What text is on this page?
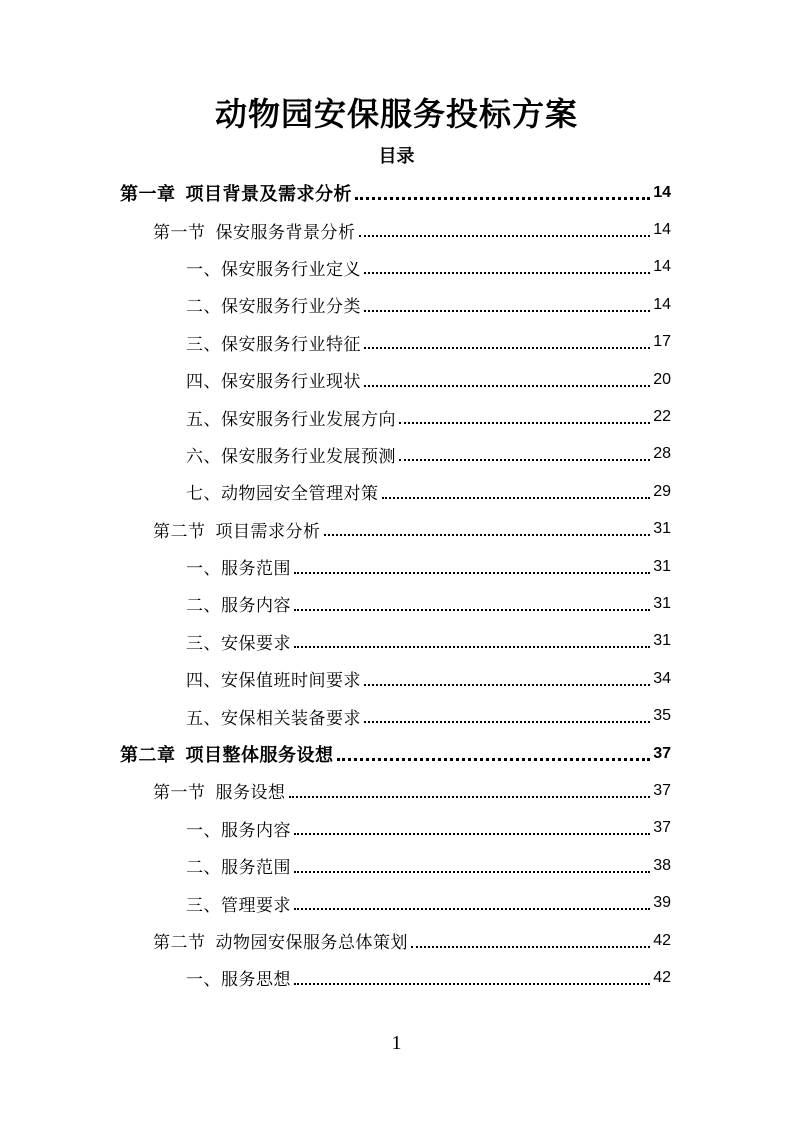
动物园安保服务投标方案
目录
第一章 项目背景及需求分析	14
第一节 保安服务背景分析	14
一、保安服务行业定义	14
二、保安服务行业分类	14
三、保安服务行业特征	17
四、保安服务行业现状	20
五、保安服务行业发展方向	22
六、保安服务行业发展预测	28
七、动物园安全管理对策	29
第二节 项目需求分析	31
一、服务范围	31
二、服务内容	31
三、安保要求	31
四、安保值班时间要求	34
五、安保相关装备要求	35
第二章 项目整体服务设想	37
第一节 服务设想	37
一、服务内容	37
二、服务范围	38
三、管理要求	39
第二节 动物园安保服务总体策划	42
一、服务思想	42
1
